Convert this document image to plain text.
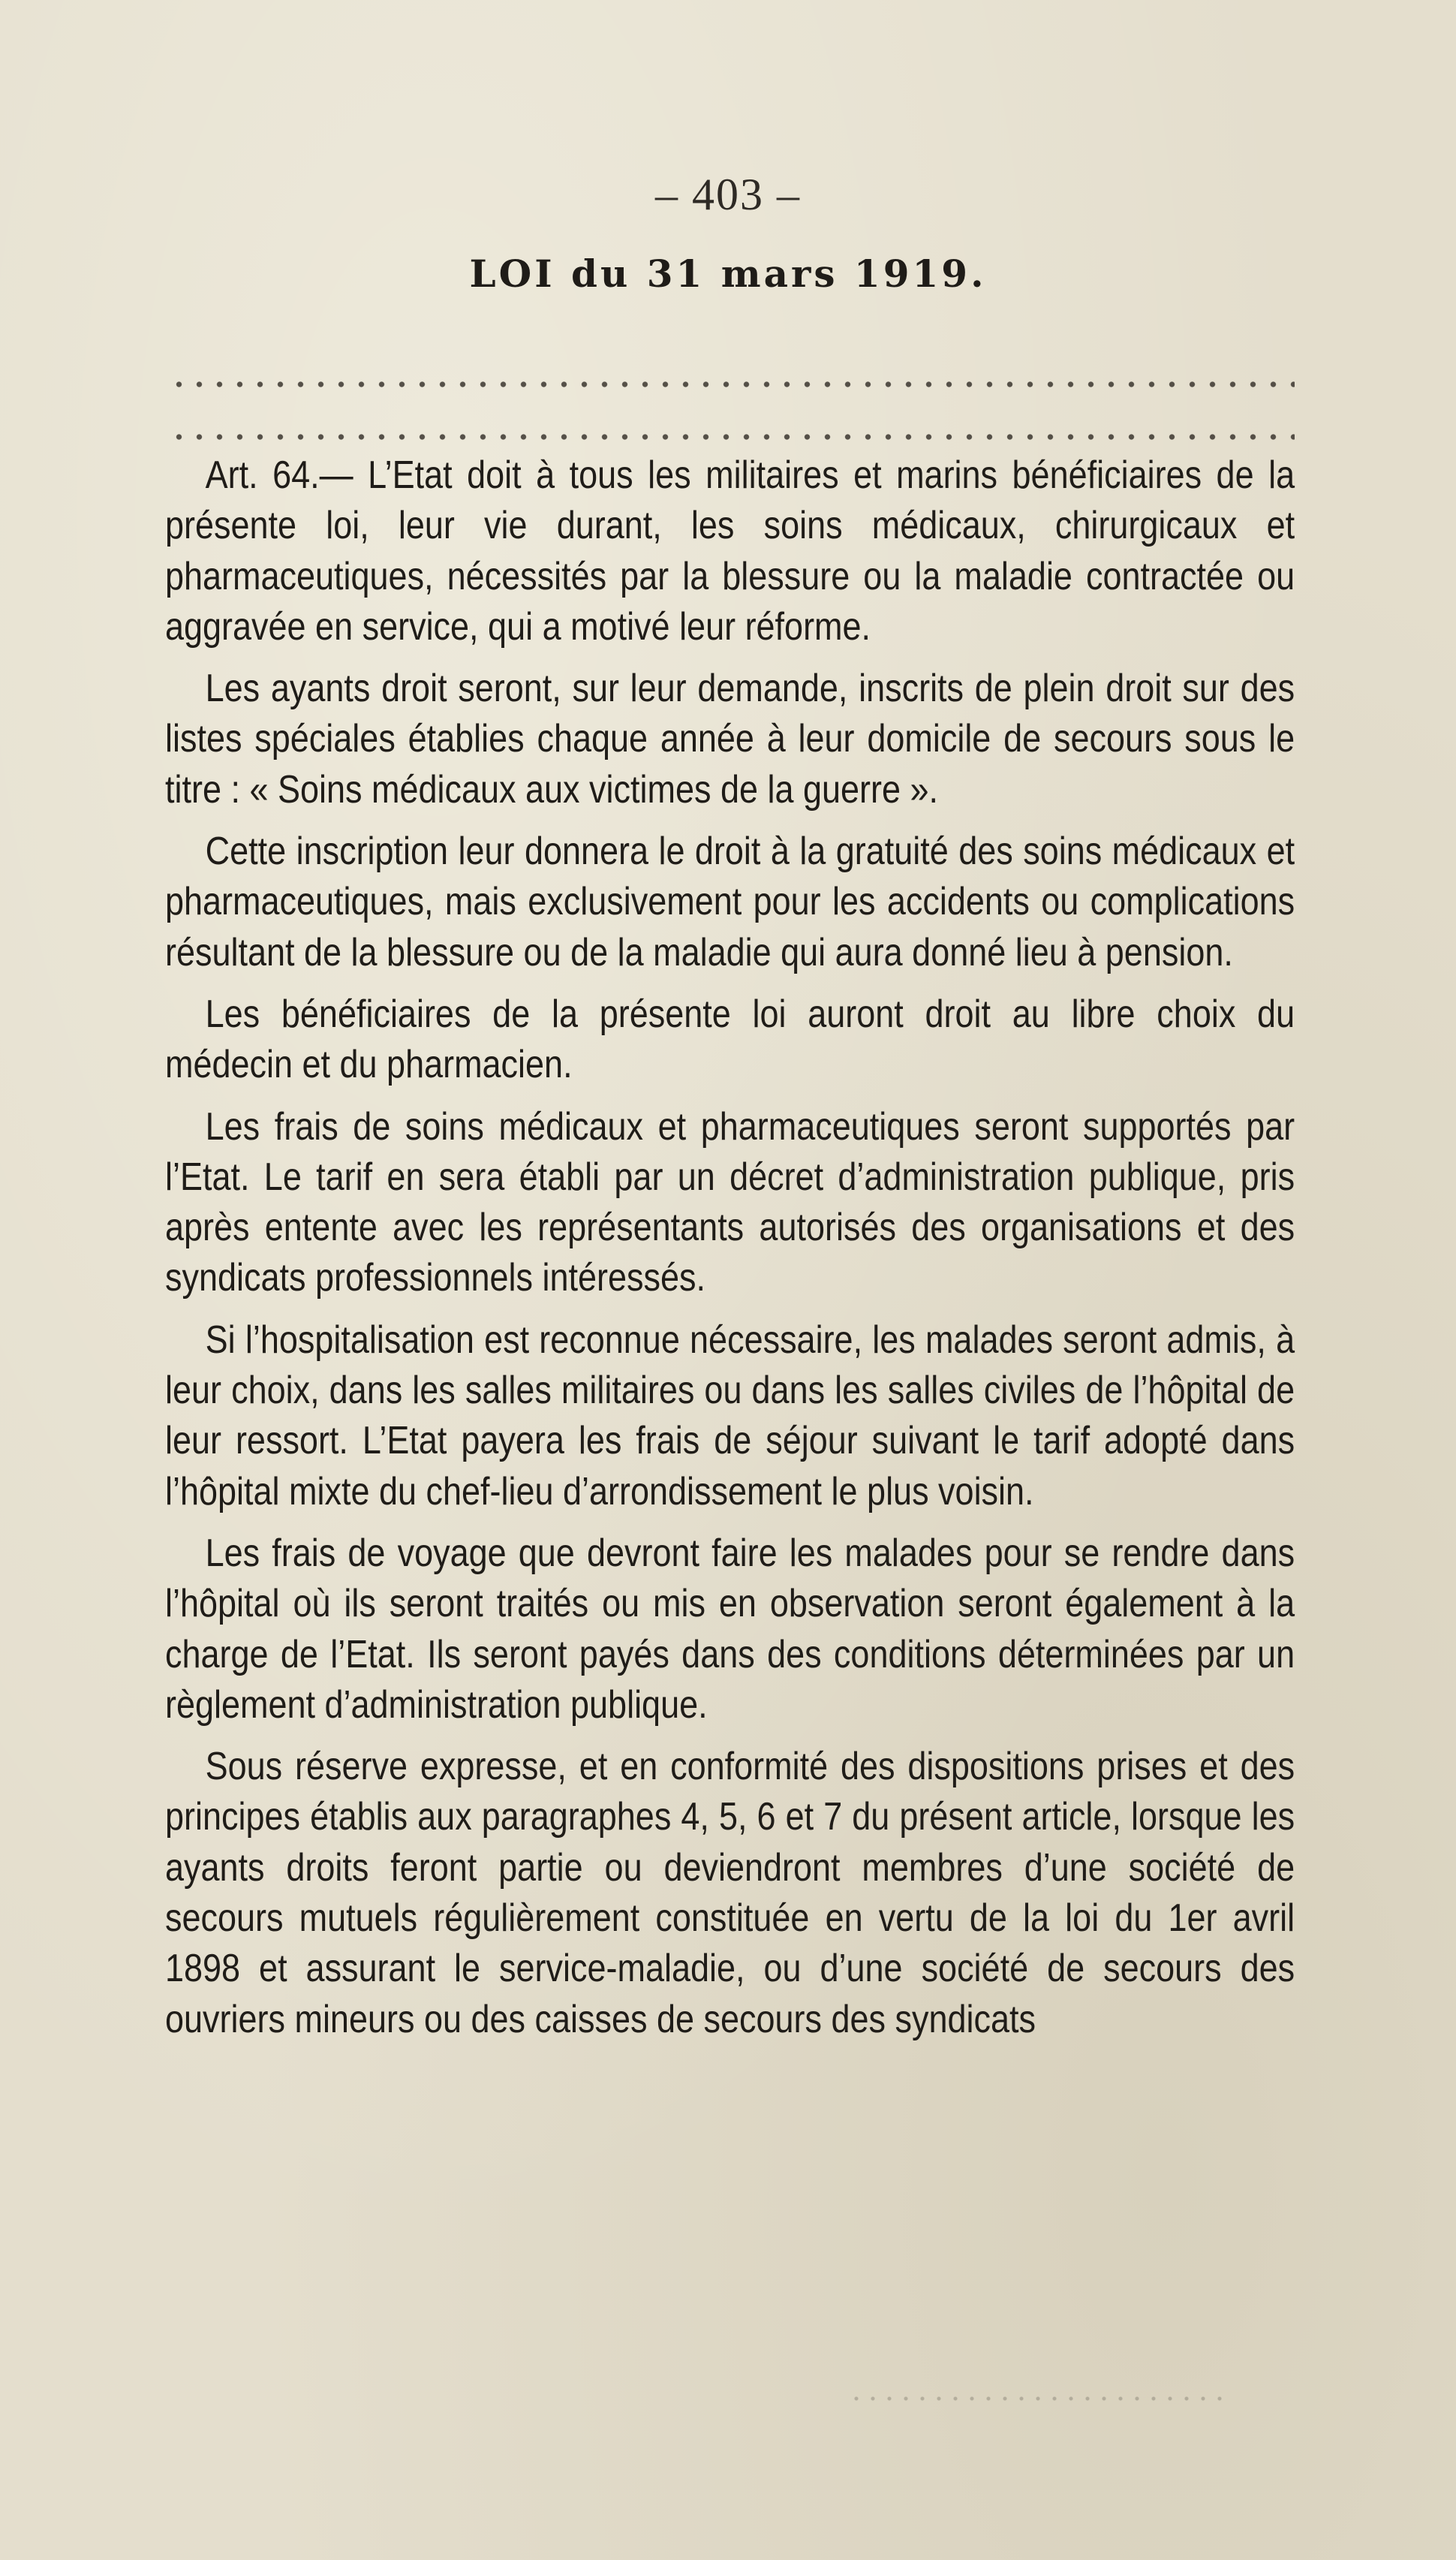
– 403 –
LOI du 31 mars 1919.

Art. 64.— L’Etat doit à tous les militaires et marins bénéficiaires de la présente loi, leur vie durant, les soins médicaux, chirurgicaux et pharmaceutiques, nécessités par la blessure ou la maladie contractée ou aggravée en service, qui a motivé leur réforme.

Les ayants droit seront, sur leur demande, inscrits de plein droit sur des listes spéciales établies chaque année à leur domicile de secours sous le titre : « Soins médicaux aux victimes de la guerre ».

Cette inscription leur donnera le droit à la gratuité des soins médicaux et pharmaceutiques, mais exclusivement pour les accidents ou complications résultant de la blessure ou de la maladie qui aura donné lieu à pension.

Les bénéficiaires de la présente loi auront droit au libre choix du médecin et du pharmacien.

Les frais de soins médicaux et pharmaceutiques seront supportés par l’Etat. Le tarif en sera établi par un décret d’administration publique, pris après entente avec les représentants autorisés des organisations et des syndicats professionnels intéressés.

Si l’hospitalisation est reconnue nécessaire, les malades seront admis, à leur choix, dans les salles militaires ou dans les salles civiles de l’hôpital de leur ressort. L’Etat payera les frais de séjour suivant le tarif adopté dans l’hôpital mixte du chef-lieu d’arrondissement le plus voisin.

Les frais de voyage que devront faire les malades pour se rendre dans l’hôpital où ils seront traités ou mis en observation seront également à la charge de l’Etat. Ils seront payés dans des conditions déterminées par un règlement d’administration publique.

Sous réserve expresse, et en conformité des dispositions prises et des principes établis aux paragraphes 4, 5, 6 et 7 du présent article, lorsque les ayants droits feront partie ou deviendront membres d’une société de secours mutuels régulièrement constituée en vertu de la loi du 1er avril 1898 et assurant le service-maladie, ou d’une société de secours des ouvriers mineurs ou des caisses de secours des syndicats
